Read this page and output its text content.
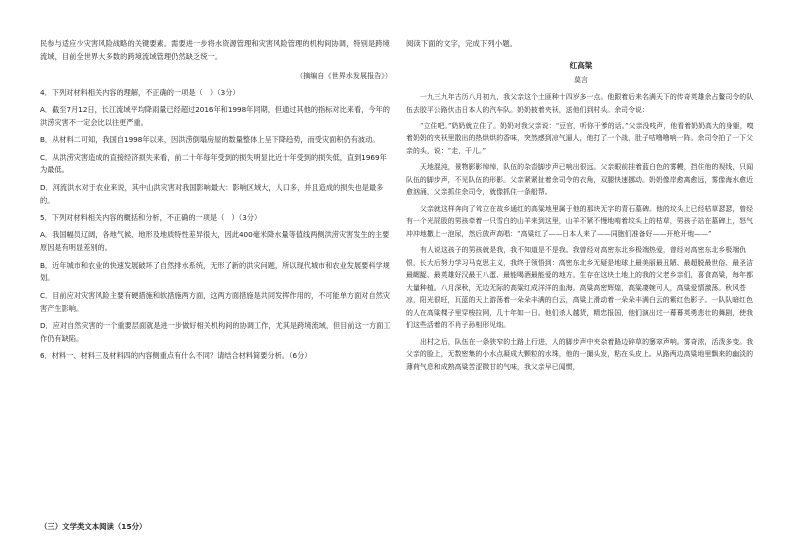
民参与适应少灾害风险战略的关键要素。需要进一步将水资源管理和灾害风险管理的机构间协调，特别是跨境流域，目前全世界大多数的跨境流域管理仍然缺乏统一。

（摘编自《世界水发展报告》）

4．下列对材料相关内容的理解，不正确的一项是（　）（3分）

A．截至7月12日，长江流域平均降雨量已经超过2016年和1998年同期，但通过其他的指标对比来看，今年的洪涝灾害不一定会比以往更严重。

B．从材料二可知，我国自1998年以来，因洪涝倒塌房屋的数量整体上呈下降趋势，而受灾面积仍有波动。

C．从洪涝灾害造成的直接经济损失来看，前二十年每年受到的损失明显比近十年受到的损失低，直到1969年为最低。

D．河流洪水对于农业来说，其中山洪灾害对我国影响最大：影响区域大，人口多，并且造成的损失也是最多的。

5．下列对材料相关内容的概括和分析，不正确的一项是（　）（3分）

A．我国幅员辽阔，各地气候、地形及地质特性差异很大，因此400毫米降水量等值线两侧洪涝灾害发生的主要原因是有明显差别的。

B．近年城市和农业的快速发展破坏了自然排水系统，无形了新的洪灾问题，所以现代城市和农业发展要科学规划。

C．目前应对灾害风险主要有硬措施和软措施两方面，这两方面措施是共同发挥作用的，不可能单方面对自然灾害产生影响。

D．应对自然灾害的一个重要层面就是进一步做好相关机构间的协调工作，尤其是跨境流域，但目前这一方面工作仍有缺陷。

6．材料一、材料三及材料四的内容侧重点有什么不同？请结合材料简要分析。（6分）

（三）文学类文本阅读（15分）

阅读下面的文字，完成下列小题。

红高粱

莫言

一九三九年古历八月初九，我父亲这个土匪种十四岁多一点。他跟着后来名满天下的传奇英雄余占鳌司令的队伍去胶平公路伏击日本人的汽车队。奶奶披着夹袄，送他们到村头。余司令说：

“立住吧。”奶奶就立住了。奶奶对我父亲说：“豆官，听你干爹的话。”父亲没吱声，他看着奶奶高大的身躯，嗅着奶奶的夹袄里散出的热烘烘的香味，突然感到凉气逼人，他打了一个战，肚子咕噜噜响一阵。余司令拍了一下父亲的头，说：“走，干儿。”

天地混沌，景物影影绰绰，队伍的杂沓脚步声已响出很远。父亲眼前挂着蓝白色的雾幔，挡住他的视线，只闻队伍的脚步声，不见队伍的形影。父亲紧紧扯着余司令的衣角，双腿快速挪动。奶奶像岸愈离愈远，雾像海水愈近愈汹涌，父亲抓住余司令，就像抓住一条船帮。

父亲就这样奔向了耸立在故乡通红的高粱地里属于他的那块无字的青石墓碑。他的坟头上已经枯草瑟瑟，曾经有一个光屁股的男孩牵着一只雪白的山羊来到这里，山羊不紧不慢地啃着坟头上的枯草，男孩子站在墓碑上，怒气冲冲地撒上一泡尿，然后放声高唱：“高粱红了——日本人来了——同胞们准备好——开枪开炮——”

有人说这孩子的男孩就是我，我不知道是不是我。我曾经对高密东北乡极端热爱，曾经对高密东北乡极端仇恨，长大后努力学习马克思主义，我终于领悟到：高密东北乡无疑是地球上最美丽最丑陋、最超脱最世俗、最圣洁最龌龊、最英雄好汉最王八蛋、最能喝酒最能爱的地方。生存在这块土地上的我的父老乡亲们，喜食高粱，每年都大量种植。八月深秋，无边无际的高粱红成洋洋的血海。高粱高密辉煌，高粱凄婉可人，高粱爱情激荡。秋风苍凉，阳光很旺，瓦蓝的天上游荡着一朵朵丰满的白云，高粱上滑动着一朵朵丰满白云的紫红色影子。一队队暗红色的人在高粱棵子里穿梭拉网，几十年如一日。他们杀人越货，精忠报国，他们演出过一幕幕英勇悲壮的舞剧，使我们这些活着的不肖子孙相形见绌。

出村之后，队伍在一条狭窄的土路上行进，人的脚步声中夹杂着路边碎草的窸窣声响。雾奇浓，活泼多变。我父亲的脸上，无数密集的小水点凝成大颗粒的水珠，他的一撮头发，粘在头皮上。从路两边高粱地里飘来的幽淡的薄荷气息和成熟高粱苦涩微甘的气味，我父亲早已闻惯，
